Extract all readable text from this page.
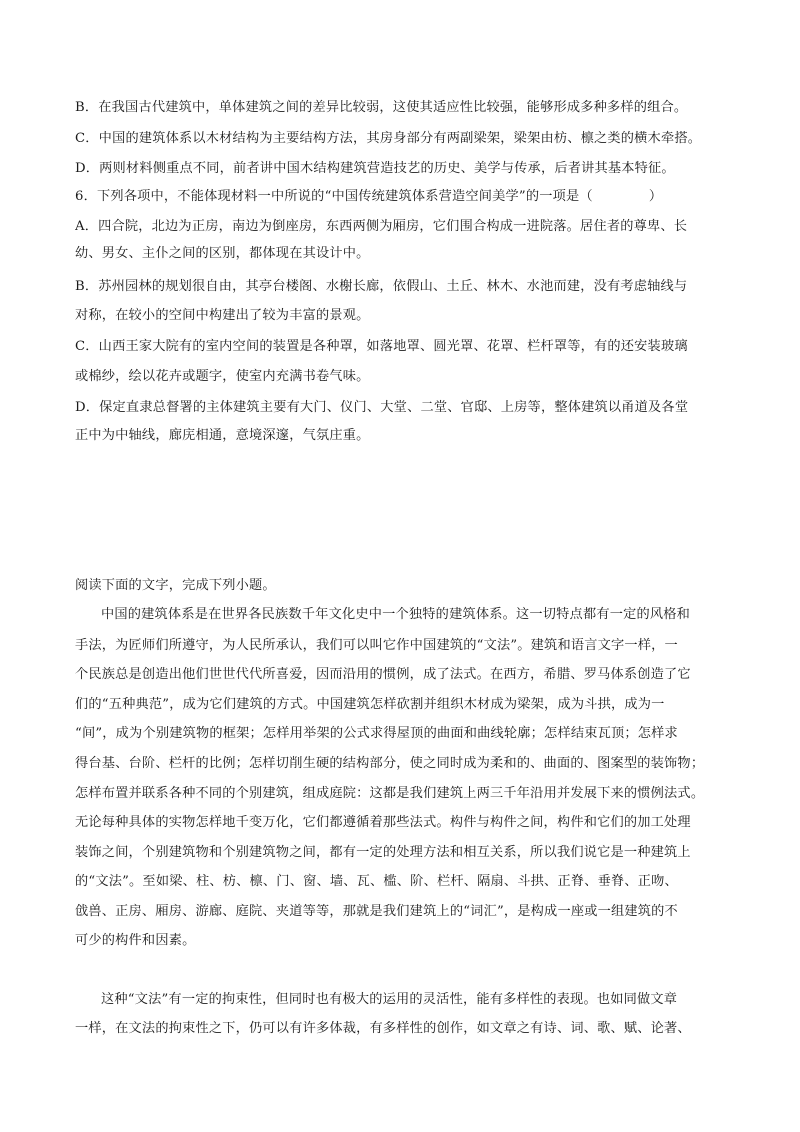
B．在我国古代建筑中，单体建筑之间的差异比较弱，这使其适应性比较强，能够形成多种多样的组合。
C．中国的建筑体系以木材结构为主要结构方法，其房身部分有两副梁架，梁架由枋、檩之类的横木牵搭。
D．两则材料侧重点不同，前者讲中国木结构建筑营造技艺的历史、美学与传承，后者讲其基本特征。
6．下列各项中，不能体现材料一中所说的“中国传统建筑体系营造空间美学”的一项是（	）
A．四合院，北边为正房，南边为倒座房，东西两侧为厢房，它们围合构成一进院落。居住者的尊卑、长
幼、男女、主仆之间的区别，都体现在其设计中。
B．苏州园林的规划很自由，其亭台楼阁、水榭长廊，依假山、土丘、林木、水池而建，没有考虑轴线与
对称，在较小的空间中构建出了较为丰富的景观。
C．山西王家大院有的室内空间的装置是各种罩，如落地罩、圆光罩、花罩、栏杆罩等，有的还安装玻璃
或棉纱，绘以花卉或题字，使室内充满书卷气味。
D．保定直隶总督署的主体建筑主要有大门、仪门、大堂、二堂、官邸、上房等，整体建筑以甬道及各堂
正中为中轴线，廊庑相通，意境深邃，气氛庄重。
阅读下面的文字，完成下列小题。
中国的建筑体系是在世界各民族数千年文化史中一个独特的建筑体系。这一切特点都有一定的风格和
手法，为匠师们所遵守，为人民所承认，我们可以叫它作中国建筑的“文法”。建筑和语言文字一样，一
个民族总是创造出他们世世代代所喜爱，因而沿用的惯例，成了法式。在西方，希腊、罗马体系创造了它
们的“五种典范”，成为它们建筑的方式。中国建筑怎样砍割并组织木材成为梁架，成为斗拱，成为一
“间”，成为个别建筑物的框架；怎样用举架的公式求得屋顶的曲面和曲线轮廓；怎样结束瓦顶；怎样求
得台基、台阶、栏杆的比例；怎样切削生硬的结构部分，使之同时成为柔和的、曲面的、图案型的装饰物；
怎样布置并联系各种不同的个别建筑，组成庭院：这都是我们建筑上两三千年沿用并发展下来的惯例法式。
无论每种具体的实物怎样地千变万化，它们都遵循着那些法式。构件与构件之间，构件和它们的加工处理
装饰之间，个别建筑物和个别建筑物之间，都有一定的处理方法和相互关系，所以我们说它是一种建筑上
的“文法”。至如梁、柱、枋、檩、门、窗、墙、瓦、槛、阶、栏杆、隔扇、斗拱、正脊、垂脊、正吻、
戗兽、正房、厢房、游廊、庭院、夹道等等，那就是我们建筑上的“词汇”，是构成一座或一组建筑的不
可少的构件和因素。
这种“文法”有一定的拘束性，但同时也有极大的运用的灵活性，能有多样性的表现。也如同做文章
一样，在文法的拘束性之下，仍可以有许多体裁，有多样性的创作，如文章之有诗、词、歌、赋、论著、
